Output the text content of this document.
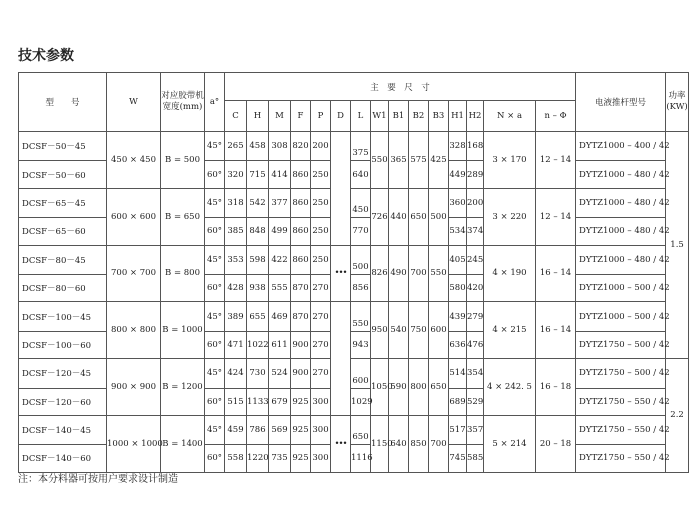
技术参数
型　　号	W	对应胶带机宽度(mm)	a°	主　要　尺　寸															电液推杆型号	功率(KW)
				C	H	M	F	P	D	L	W1	B1	B2	B3	H1	H2	N × a	n – Φ		
DCSF－50－45	450 × 450	B = 500	45°	265	458	308	820	200		375	550	365	575	425	328	168	3 × 170	12 – 14	DYTZ1000 – 400 / 42	1.5
DCSF－50－60			60°	320	715	414	860	250		640					449	289			DYTZ1000 – 480 / 42	
DCSF－65－45	600 × 600	B = 650	45°	318	542	377	860	250		450	726	440	650	500	360	200	3 × 220	12 – 14	DYTZ1000 – 480 / 42	
DCSF－65－60			60°	385	848	499	860	250		770					534	374			DYTZ1000 – 480 / 42	
DCSF－80－45	700 × 700	B = 800	45°	353	598	422	860	250	•••	500	826	490	700	550	405	245	4 × 190	16 – 14	DYTZ1000 – 480 / 42	
DCSF－80－60			60°	428	938	555	870	270		856					580	420			DYTZ1000 – 500 / 42	
DCSF－100－45	800 × 800	B = 1000	45°	389	655	469	870	270		550	950	540	750	600	439	279	4 × 215	16 – 14	DYTZ1000 – 500 / 42	
DCSF－100－60			60°	471	1022	611	900	270		943					636	476			DYTZ1750 – 500 / 42	
DCSF－120－45	900 × 900	B = 1200	45°	424	730	524	900	270		600	1050	590	800	650	514	354	4 × 242. 5	16 – 18	DYTZ1750 – 500 / 42	2.2
DCSF－120－60			60°	515	1133	679	925	300		1029					689	529			DYTZ1750 – 550 / 42	
DCSF－140－45	1000 × 1000	B = 1400	45°	459	786	569	925	300	•••	650	1150	640	850	700	517	357	5 × 214	20 – 18	DYTZ1750 – 550 / 42	
DCSF－140－60			60°	558	1220	735	925	300		1116					745	585			DYTZ1750 – 550 / 42	
注：本分料器可按用户要求设计制造
